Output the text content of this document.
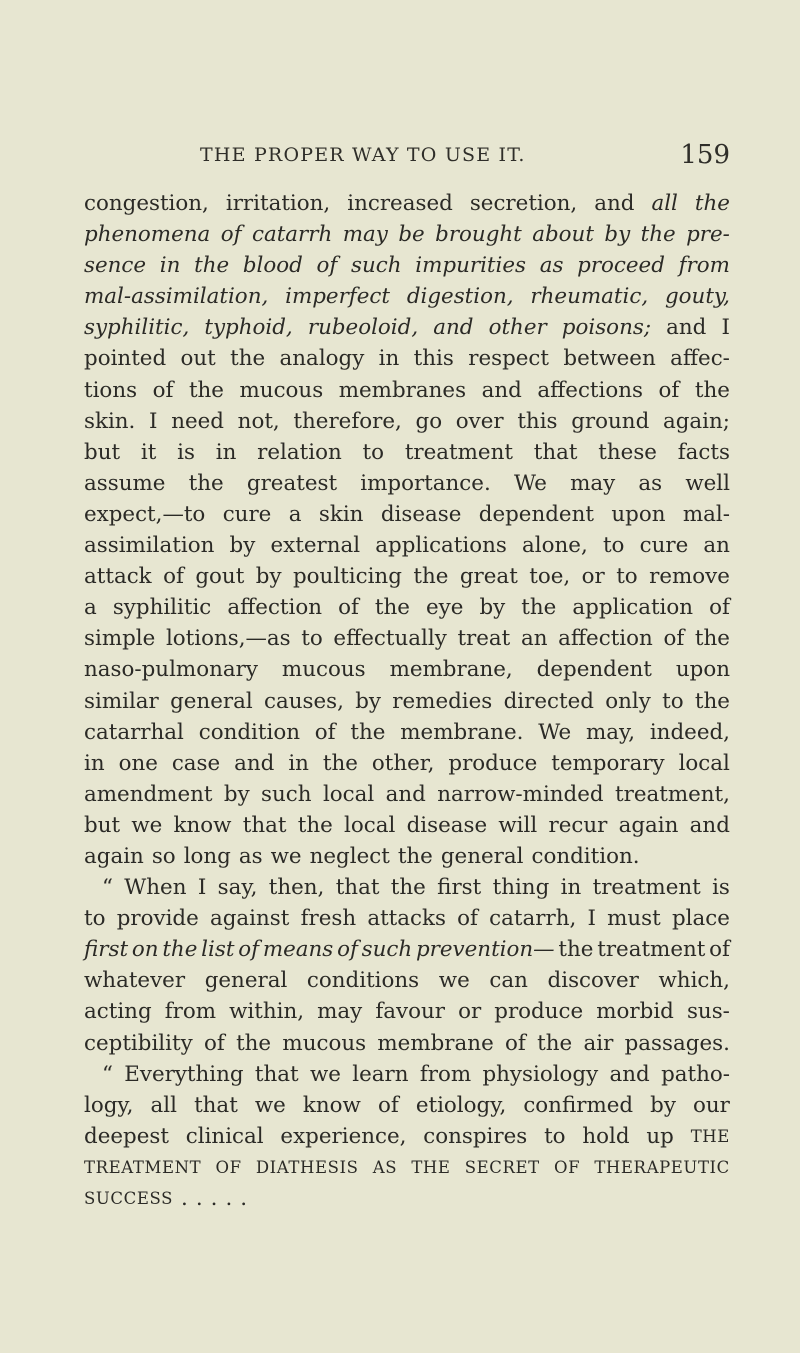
THE PROPER WAY TO USE IT.	159
congestion, irritation, increased secretion, and all the
phenomena of catarrh may be brought about by the pre-
sence in the blood of such impurities as proceed from
mal-assimilation, imperfect digestion, rheumatic, gouty,
syphilitic, typhoid, rubeoloid, and other poisons; and I
pointed out the analogy in this respect between affec-
tions of the mucous membranes and affections of the
skin. I need not, therefore, go over this ground again;
but it is in relation to treatment that these facts
assume the greatest importance. We may as well
expect,—to cure a skin disease dependent upon mal-
assimilation by external applications alone, to cure an
attack of gout by poulticing the great toe, or to remove
a syphilitic affection of the eye by the application of
simple lotions,—as to effectually treat an affection of the
naso-pulmonary mucous membrane, dependent upon
similar general causes, by remedies directed only to the
catarrhal condition of the membrane. We may, indeed,
in one case and in the other, produce temporary local
amendment by such local and narrow-minded treatment,
but we know that the local disease will recur again and
again so long as we neglect the general condition.
“ When I say, then, that the first thing in treatment is
to provide against fresh attacks of catarrh, I must place
first on the list of means of such prevention— the treatment of
whatever general conditions we can discover which,
acting from within, may favour or produce morbid sus-
ceptibility of the mucous membrane of the air passages.
“ Everything that we learn from physiology and patho-
logy, all that we know of etiology, confirmed by our
deepest clinical experience, conspires to hold up THE
TREATMENT OF DIATHESIS AS THE SECRET OF THERAPEUTIC
SUCCESS . . . . .
